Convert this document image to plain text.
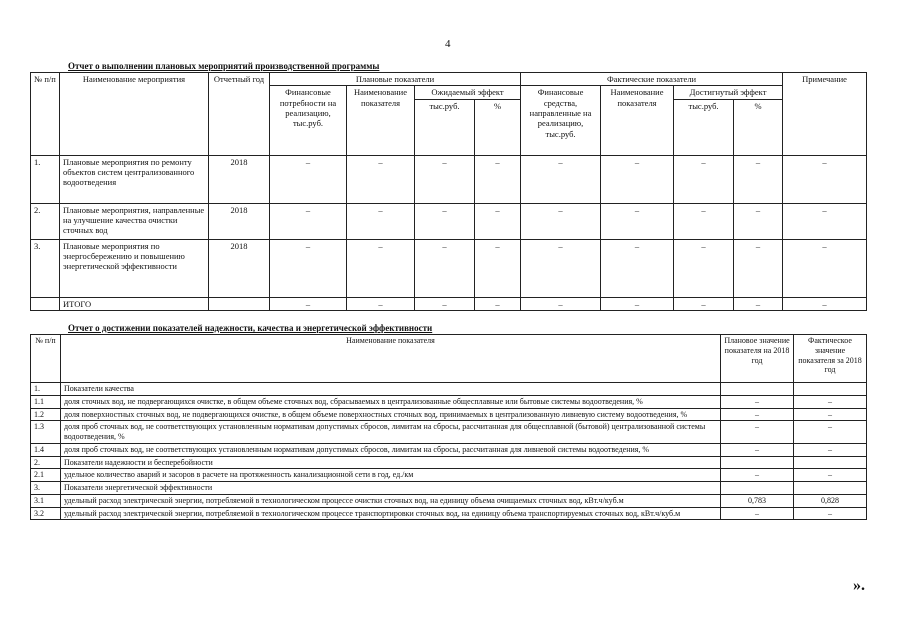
4
Отчет о выполнении плановых мероприятий производственной программы
№ п/п	Наименование мероприятия	Отчетный год	Плановые показатели				Фактические показатели				Примечание
			Финансовые потребности на реализацию, тыс.руб.	Наименование показателя	Ожидаемый эффект		Финансовые средства, направленные на реализацию, тыс.руб.	Наименование показателя	Достигнутый эффект		
					тыс.руб.	%			тыс.руб.	%	
1.	Плановые мероприятия по ремонту объектов систем централизованного водоотведения	2018	–	–	–	–	–	–	–	–	–
2.	Плановые мероприятия, направленные на улучшение качества очистки сточных вод	2018	–	–	–	–	–	–	–	–	–
3.	Плановые мероприятия по энергосбережению и повышению энергетической эффективности	2018	–	–	–	–	–	–	–	–	–
	ИТОГО		–	–	–	–	–	–	–	–	–
Отчет о достижении показателей надежности, качества и энергетической эффективности
№ п/п	Наименование показателя	Плановое значение показателя на 2018 год	Фактическое значение показателя за 2018 год
1.	Показатели качества		
1.1	доля сточных вод, не подвергающихся очистке, в общем объеме сточных вод, сбрасываемых в централизованные общесплавные или бытовые системы водоотведения, %	–	–
1.2	доля поверхностных сточных вод, не подвергающихся очистке, в общем объеме поверхностных сточных вод, принимаемых в централизованную ливневую систему водоотведения, %	–	–
1.3	доля проб сточных вод, не соответствующих установленным нормативам допустимых сбросов, лимитам на сбросы, рассчитанная для общесплавной (бытовой) централизованной системы водоотведения, %	–	–
1.4	доля проб сточных вод, не соответствующих установленным нормативам допустимых сбросов, лимитам на сбросы, рассчитанная для ливневой системы водоотведения, %	–	–
2.	Показатели надежности и бесперебойности		
2.1	удельное количество аварий и засоров в расчете на протяженность канализационной сети в год, ед./км	–	–
3.	Показатели энергетической эффективности		
3.1	удельный расход электрической энергии, потребляемой в технологическом процессе очистки сточных вод, на единицу объема очищаемых сточных вод, кВт.ч/куб.м	0,783	0,828
3.2	удельный расход электрической энергии, потребляемой в технологическом процессе транспортировки сточных вод, на единицу объема транспортируемых сточных вод, кВт.ч/куб.м	–	–
».
